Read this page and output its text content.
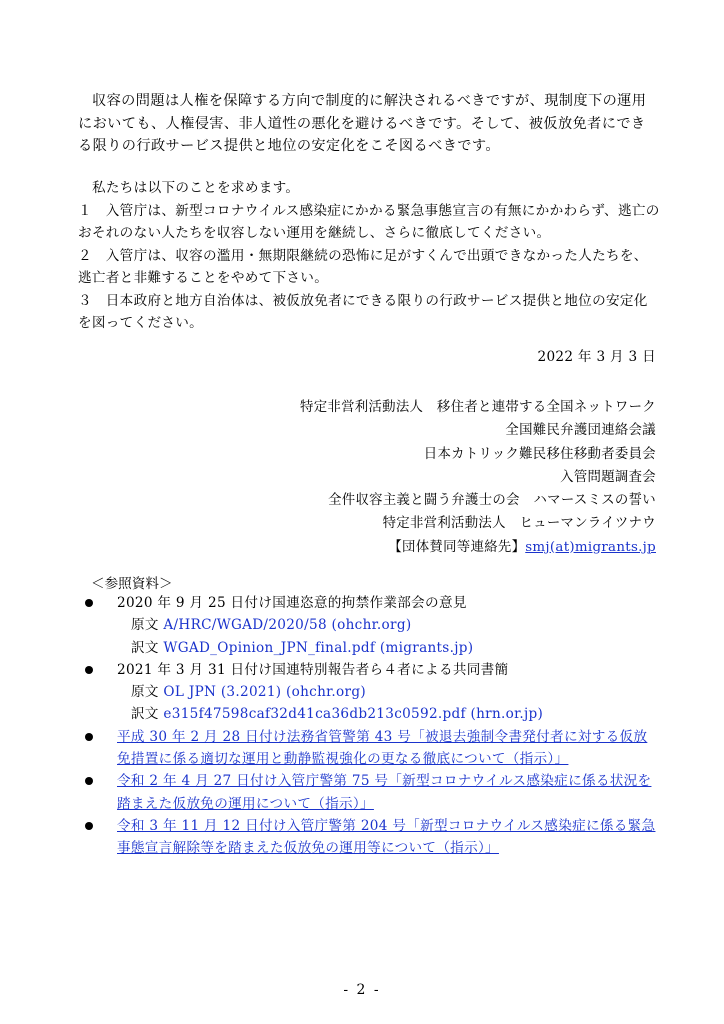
収容の問題は人権を保障する方向で制度的に解決されるべきですが、現制度下の運用においても、人権侵害、非人道性の悪化を避けるべきです。そして、被仮放免者にできる限りの行政サービス提供と地位の安定化をこそ図るべきです。

私たちは以下のことを求めます。
１　入管庁は、新型コロナウイルス感染症にかかる緊急事態宣言の有無にかかわらず、逃亡のおそれのない人たちを収容しない運用を継続し、さらに徹底してください。
２　入管庁は、収容の濫用・無期限継続の恐怖に足がすくんで出頭できなかった人たちを、逃亡者と非難することをやめて下さい。
３　日本政府と地方自治体は、被仮放免者にできる限りの行政サービス提供と地位の安定化を図ってください。
2022 年 3 月 3 日
特定非営利活動法人　移住者と連帯する全国ネットワーク
全国難民弁護団連絡会議
日本カトリック難民移住移動者委員会
入管問題調査会
全件収容主義と闘う弁護士の会　ハマースミスの誓い
特定非営利活動法人　ヒューマンライツナウ
【団体賛同等連絡先】smj(at)migrants.jp
＜参照資料＞
2020 年 9 月 25 日付け国連恣意的拘禁作業部会の意見
原文 A/HRC/WGAD/2020/58 (ohchr.org)
訳文 WGAD_Opinion_JPN_final.pdf (migrants.jp)
2021 年 3 月 31 日付け国連特別報告者ら４者による共同書簡
原文 OL JPN (3.2021) (ohchr.org)
訳文 e315f47598caf32d41ca36db213c0592.pdf (hrn.or.jp)
平成 30 年 2 月 28 日付け法務省管警第 43 号「被退去強制令書発付者に対する仮放免措置に係る適切な運用と動静監視強化の更なる徹底について（指示）」
令和 2 年 4 月 27 日付け入管庁警第 75 号「新型コロナウイルス感染症に係る状況を踏まえた仮放免の運用について（指示）」
令和 3 年 11 月 12 日付け入管庁警第 204 号「新型コロナウイルス感染症に係る緊急事態宣言解除等を踏まえた仮放免の運用等について（指示）」
- 2 -
